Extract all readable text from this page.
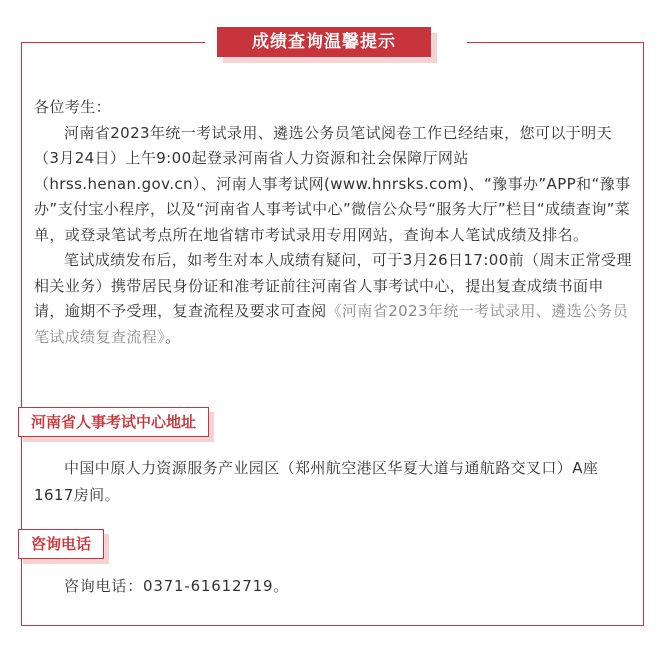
成绩查询温馨提示

各位考生：

河南省2023年统一考试录用、遴选公务员笔试阅卷工作已经结束，您可以于明天（3月24日）上午9:00起登录河南省人力资源和社会保障厅网站（hrss.henan.gov.cn）、河南人事考试网(www.hnrsks.com)、“豫事办”APP和“豫事办”支付宝小程序，以及“河南省人事考试中心”微信公众号“服务大厅”栏目“成绩查询”菜单，或登录笔试考点所在地省辖市考试录用专用网站，查询本人笔试成绩及排名。

笔试成绩发布后，如考生对本人成绩有疑问，可于3月26日17:00前（周末正常受理相关业务）携带居民身份证和准考证前往河南省人事考试中心，提出复查成绩书面申请，逾期不予受理，复查流程及要求可查阅《河南省2023年统一考试录用、遴选公务员笔试成绩复查流程》。

河南省人事考试中心地址
中国中原人力资源服务产业园区（郑州航空港区华夏大道与通航路交叉口）A座1617房间。
咨询电话
咨询电话：0371-61612719。
